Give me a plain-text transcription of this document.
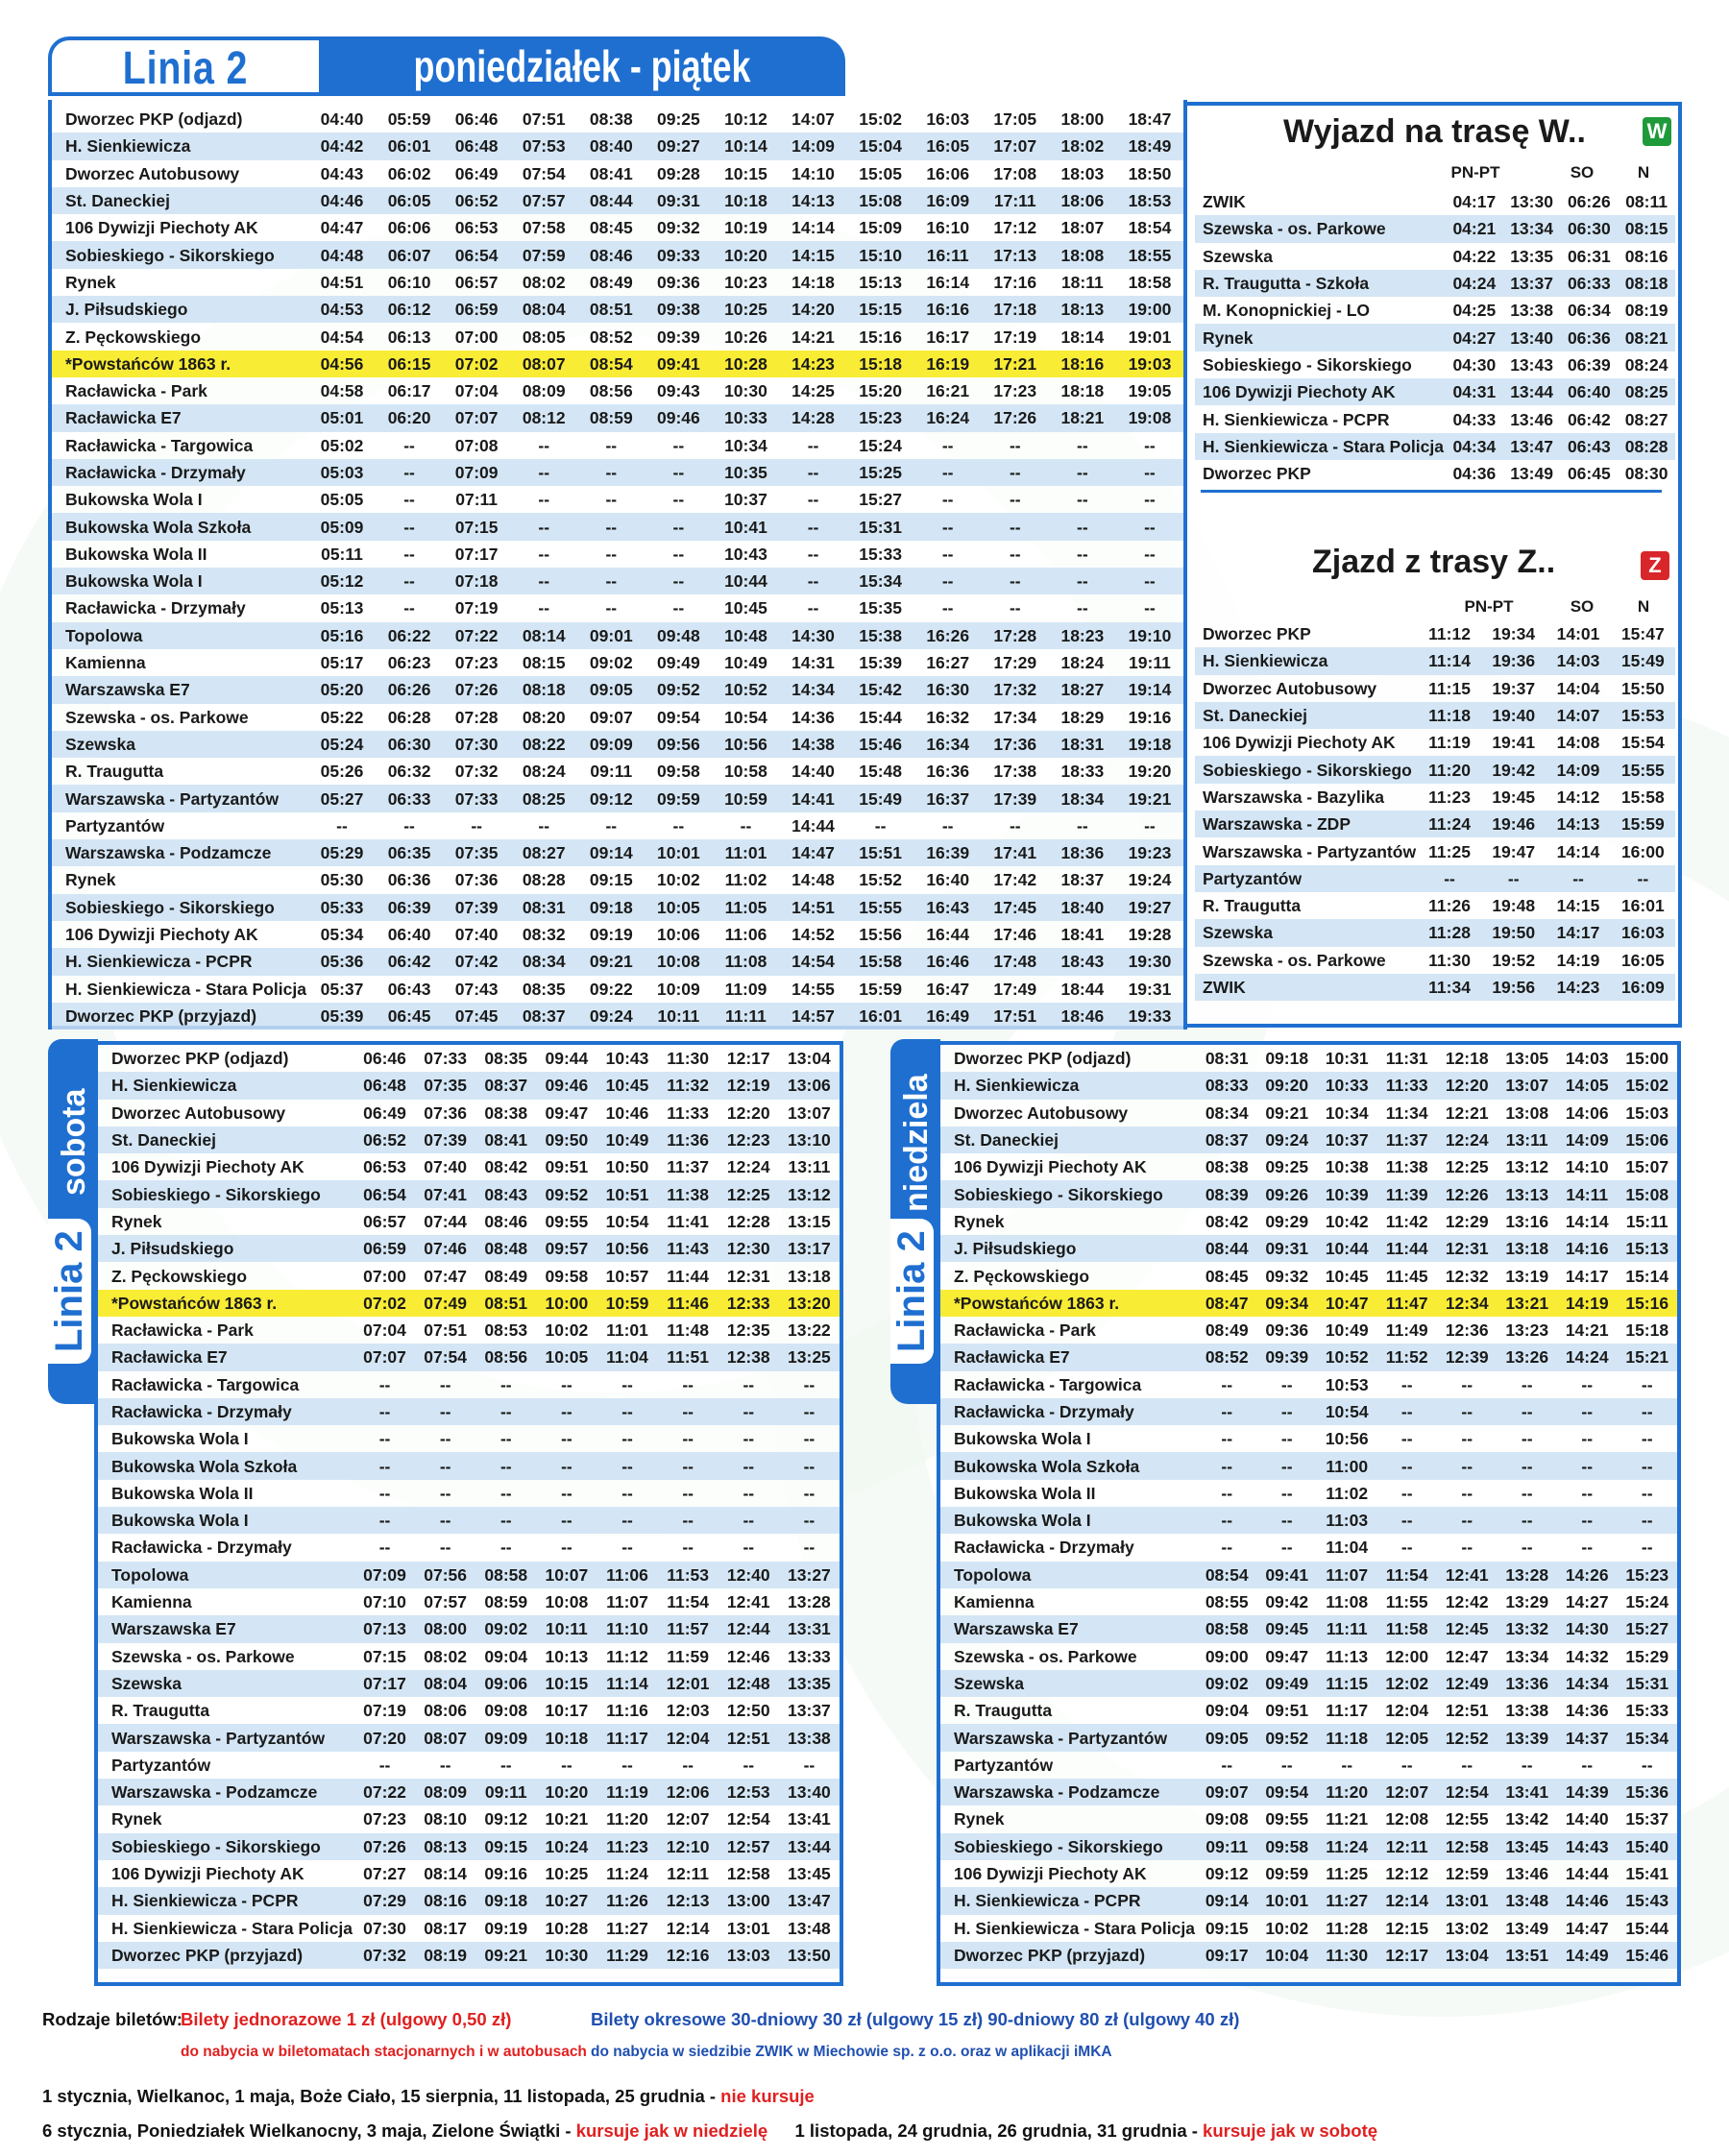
Linia 2	poniedziałek - piątek
Dworzec PKP (odjazd)	04:40	05:59	06:46	07:51	08:38	09:25	10:12	14:07	15:02	16:03	17:05	18:00	18:47
H. Sienkiewicza	04:42	06:01	06:48	07:53	08:40	09:27	10:14	14:09	15:04	16:05	17:07	18:02	18:49
Dworzec Autobusowy	04:43	06:02	06:49	07:54	08:41	09:28	10:15	14:10	15:05	16:06	17:08	18:03	18:50
St. Daneckiej	04:46	06:05	06:52	07:57	08:44	09:31	10:18	14:13	15:08	16:09	17:11	18:06	18:53
106 Dywizji Piechoty AK	04:47	06:06	06:53	07:58	08:45	09:32	10:19	14:14	15:09	16:10	17:12	18:07	18:54
Sobieskiego - Sikorskiego	04:48	06:07	06:54	07:59	08:46	09:33	10:20	14:15	15:10	16:11	17:13	18:08	18:55
Rynek	04:51	06:10	06:57	08:02	08:49	09:36	10:23	14:18	15:13	16:14	17:16	18:11	18:58
J. Piłsudskiego	04:53	06:12	06:59	08:04	08:51	09:38	10:25	14:20	15:15	16:16	17:18	18:13	19:00
Z. Pęckowskiego	04:54	06:13	07:00	08:05	08:52	09:39	10:26	14:21	15:16	16:17	17:19	18:14	19:01
*Powstańców 1863 r.	04:56	06:15	07:02	08:07	08:54	09:41	10:28	14:23	15:18	16:19	17:21	18:16	19:03
Racławicka - Park	04:58	06:17	07:04	08:09	08:56	09:43	10:30	14:25	15:20	16:21	17:23	18:18	19:05
Racławicka E7	05:01	06:20	07:07	08:12	08:59	09:46	10:33	14:28	15:23	16:24	17:26	18:21	19:08
Racławicka - Targowica	05:02	--	07:08	--	--	--	10:34	--	15:24	--	--	--	--
Racławicka - Drzymały	05:03	--	07:09	--	--	--	10:35	--	15:25	--	--	--	--
Bukowska Wola I	05:05	--	07:11	--	--	--	10:37	--	15:27	--	--	--	--
Bukowska Wola Szkoła	05:09	--	07:15	--	--	--	10:41	--	15:31	--	--	--	--
Bukowska Wola II	05:11	--	07:17	--	--	--	10:43	--	15:33	--	--	--	--
Bukowska Wola I	05:12	--	07:18	--	--	--	10:44	--	15:34	--	--	--	--
Racławicka - Drzymały	05:13	--	07:19	--	--	--	10:45	--	15:35	--	--	--	--
Topolowa	05:16	06:22	07:22	08:14	09:01	09:48	10:48	14:30	15:38	16:26	17:28	18:23	19:10
Kamienna	05:17	06:23	07:23	08:15	09:02	09:49	10:49	14:31	15:39	16:27	17:29	18:24	19:11
Warszawska E7	05:20	06:26	07:26	08:18	09:05	09:52	10:52	14:34	15:42	16:30	17:32	18:27	19:14
Szewska - os. Parkowe	05:22	06:28	07:28	08:20	09:07	09:54	10:54	14:36	15:44	16:32	17:34	18:29	19:16
Szewska	05:24	06:30	07:30	08:22	09:09	09:56	10:56	14:38	15:46	16:34	17:36	18:31	19:18
R. Traugutta	05:26	06:32	07:32	08:24	09:11	09:58	10:58	14:40	15:48	16:36	17:38	18:33	19:20
Warszawska - Partyzantów	05:27	06:33	07:33	08:25	09:12	09:59	10:59	14:41	15:49	16:37	17:39	18:34	19:21
Partyzantów	--	--	--	--	--	--	--	14:44	--	--	--	--	--
Warszawska - Podzamcze	05:29	06:35	07:35	08:27	09:14	10:01	11:01	14:47	15:51	16:39	17:41	18:36	19:23
Rynek	05:30	06:36	07:36	08:28	09:15	10:02	11:02	14:48	15:52	16:40	17:42	18:37	19:24
Sobieskiego - Sikorskiego	05:33	06:39	07:39	08:31	09:18	10:05	11:05	14:51	15:55	16:43	17:45	18:40	19:27
106 Dywizji Piechoty AK	05:34	06:40	07:40	08:32	09:19	10:06	11:06	14:52	15:56	16:44	17:46	18:41	19:28
H. Sienkiewicza - PCPR	05:36	06:42	07:42	08:34	09:21	10:08	11:08	14:54	15:58	16:46	17:48	18:43	19:30
H. Sienkiewicza - Stara Policja	05:37	06:43	07:43	08:35	09:22	10:09	11:09	14:55	15:59	16:47	17:49	18:44	19:31
Dworzec PKP (przyjazd)	05:39	06:45	07:45	08:37	09:24	10:11	11:11	14:57	16:01	16:49	17:51	18:46	19:33
Wyjazd na trasę W..	W
PN-PT	SO	N
ZWIK	04:17	13:30	06:26	08:11
Szewska - os. Parkowe	04:21	13:34	06:30	08:15
Szewska	04:22	13:35	06:31	08:16
R. Traugutta - Szkoła	04:24	13:37	06:33	08:18
M. Konopnickiej - LO	04:25	13:38	06:34	08:19
Rynek	04:27	13:40	06:36	08:21
Sobieskiego - Sikorskiego	04:30	13:43	06:39	08:24
106 Dywizji Piechoty AK	04:31	13:44	06:40	08:25
H. Sienkiewicza - PCPR	04:33	13:46	06:42	08:27
H. Sienkiewicza - Stara Policja	04:34	13:47	06:43	08:28
Dworzec PKP	04:36	13:49	06:45	08:30
Zjazd z trasy Z..	Z
PN-PT	SO	N
Dworzec PKP	11:12	19:34	14:01	15:47
H. Sienkiewicza	11:14	19:36	14:03	15:49
Dworzec Autobusowy	11:15	19:37	14:04	15:50
St. Daneckiej	11:18	19:40	14:07	15:53
106 Dywizji Piechoty AK	11:19	19:41	14:08	15:54
Sobieskiego - Sikorskiego	11:20	19:42	14:09	15:55
Warszawska - Bazylika	11:23	19:45	14:12	15:58
Warszawska - ZDP	11:24	19:46	14:13	15:59
Warszawska - Partyzantów	11:25	19:47	14:14	16:00
Partyzantów	--	--	--	--
R. Traugutta	11:26	19:48	14:15	16:01
Szewska	11:28	19:50	14:17	16:03
Szewska - os. Parkowe	11:30	19:52	14:19	16:05
ZWIK	11:34	19:56	14:23	16:09
sobota
Linia 2
Dworzec PKP (odjazd)	06:46	07:33	08:35	09:44	10:43	11:30	12:17	13:04
H. Sienkiewicza	06:48	07:35	08:37	09:46	10:45	11:32	12:19	13:06
Dworzec Autobusowy	06:49	07:36	08:38	09:47	10:46	11:33	12:20	13:07
St. Daneckiej	06:52	07:39	08:41	09:50	10:49	11:36	12:23	13:10
106 Dywizji Piechoty AK	06:53	07:40	08:42	09:51	10:50	11:37	12:24	13:11
Sobieskiego - Sikorskiego	06:54	07:41	08:43	09:52	10:51	11:38	12:25	13:12
Rynek	06:57	07:44	08:46	09:55	10:54	11:41	12:28	13:15
J. Piłsudskiego	06:59	07:46	08:48	09:57	10:56	11:43	12:30	13:17
Z. Pęckowskiego	07:00	07:47	08:49	09:58	10:57	11:44	12:31	13:18
*Powstańców 1863 r.	07:02	07:49	08:51	10:00	10:59	11:46	12:33	13:20
Racławicka - Park	07:04	07:51	08:53	10:02	11:01	11:48	12:35	13:22
Racławicka E7	07:07	07:54	08:56	10:05	11:04	11:51	12:38	13:25
Racławicka - Targowica	--	--	--	--	--	--	--	--
Racławicka - Drzymały	--	--	--	--	--	--	--	--
Bukowska Wola I	--	--	--	--	--	--	--	--
Bukowska Wola Szkoła	--	--	--	--	--	--	--	--
Bukowska Wola II	--	--	--	--	--	--	--	--
Bukowska Wola I	--	--	--	--	--	--	--	--
Racławicka - Drzymały	--	--	--	--	--	--	--	--
Topolowa	07:09	07:56	08:58	10:07	11:06	11:53	12:40	13:27
Kamienna	07:10	07:57	08:59	10:08	11:07	11:54	12:41	13:28
Warszawska E7	07:13	08:00	09:02	10:11	11:10	11:57	12:44	13:31
Szewska - os. Parkowe	07:15	08:02	09:04	10:13	11:12	11:59	12:46	13:33
Szewska	07:17	08:04	09:06	10:15	11:14	12:01	12:48	13:35
R. Traugutta	07:19	08:06	09:08	10:17	11:16	12:03	12:50	13:37
Warszawska - Partyzantów	07:20	08:07	09:09	10:18	11:17	12:04	12:51	13:38
Partyzantów	--	--	--	--	--	--	--	--
Warszawska - Podzamcze	07:22	08:09	09:11	10:20	11:19	12:06	12:53	13:40
Rynek	07:23	08:10	09:12	10:21	11:20	12:07	12:54	13:41
Sobieskiego - Sikorskiego	07:26	08:13	09:15	10:24	11:23	12:10	12:57	13:44
106 Dywizji Piechoty AK	07:27	08:14	09:16	10:25	11:24	12:11	12:58	13:45
H. Sienkiewicza - PCPR	07:29	08:16	09:18	10:27	11:26	12:13	13:00	13:47
H. Sienkiewicza - Stara Policja	07:30	08:17	09:19	10:28	11:27	12:14	13:01	13:48
Dworzec PKP (przyjazd)	07:32	08:19	09:21	10:30	11:29	12:16	13:03	13:50
niedziela
Linia 2
Dworzec PKP (odjazd)	08:31	09:18	10:31	11:31	12:18	13:05	14:03	15:00
H. Sienkiewicza	08:33	09:20	10:33	11:33	12:20	13:07	14:05	15:02
Dworzec Autobusowy	08:34	09:21	10:34	11:34	12:21	13:08	14:06	15:03
St. Daneckiej	08:37	09:24	10:37	11:37	12:24	13:11	14:09	15:06
106 Dywizji Piechoty AK	08:38	09:25	10:38	11:38	12:25	13:12	14:10	15:07
Sobieskiego - Sikorskiego	08:39	09:26	10:39	11:39	12:26	13:13	14:11	15:08
Rynek	08:42	09:29	10:42	11:42	12:29	13:16	14:14	15:11
J. Piłsudskiego	08:44	09:31	10:44	11:44	12:31	13:18	14:16	15:13
Z. Pęckowskiego	08:45	09:32	10:45	11:45	12:32	13:19	14:17	15:14
*Powstańców 1863 r.	08:47	09:34	10:47	11:47	12:34	13:21	14:19	15:16
Racławicka - Park	08:49	09:36	10:49	11:49	12:36	13:23	14:21	15:18
Racławicka E7	08:52	09:39	10:52	11:52	12:39	13:26	14:24	15:21
Racławicka - Targowica	--	--	10:53	--	--	--	--	--
Racławicka - Drzymały	--	--	10:54	--	--	--	--	--
Bukowska Wola I	--	--	10:56	--	--	--	--	--
Bukowska Wola Szkoła	--	--	11:00	--	--	--	--	--
Bukowska Wola II	--	--	11:02	--	--	--	--	--
Bukowska Wola I	--	--	11:03	--	--	--	--	--
Racławicka - Drzymały	--	--	11:04	--	--	--	--	--
Topolowa	08:54	09:41	11:07	11:54	12:41	13:28	14:26	15:23
Kamienna	08:55	09:42	11:08	11:55	12:42	13:29	14:27	15:24
Warszawska E7	08:58	09:45	11:11	11:58	12:45	13:32	14:30	15:27
Szewska - os. Parkowe	09:00	09:47	11:13	12:00	12:47	13:34	14:32	15:29
Szewska	09:02	09:49	11:15	12:02	12:49	13:36	14:34	15:31
R. Traugutta	09:04	09:51	11:17	12:04	12:51	13:38	14:36	15:33
Warszawska - Partyzantów	09:05	09:52	11:18	12:05	12:52	13:39	14:37	15:34
Partyzantów	--	--	--	--	--	--	--	--
Warszawska - Podzamcze	09:07	09:54	11:20	12:07	12:54	13:41	14:39	15:36
Rynek	09:08	09:55	11:21	12:08	12:55	13:42	14:40	15:37
Sobieskiego - Sikorskiego	09:11	09:58	11:24	12:11	12:58	13:45	14:43	15:40
106 Dywizji Piechoty AK	09:12	09:59	11:25	12:12	12:59	13:46	14:44	15:41
H. Sienkiewicza - PCPR	09:14	10:01	11:27	12:14	13:01	13:48	14:46	15:43
H. Sienkiewicza - Stara Policja	09:15	10:02	11:28	12:15	13:02	13:49	14:47	15:44
Dworzec PKP (przyjazd)	09:17	10:04	11:30	12:17	13:04	13:51	14:49	15:46
Rodzaje biletów:
Bilety jednorazowe 1 zł (ulgowy 0,50 zł)
do nabycia w biletomatach stacjonarnych i w autobusach
Bilety okresowe 30-dniowy 30 zł (ulgowy 15 zł) 90-dniowy 80 zł (ulgowy 40 zł)
do nabycia w siedzibie ZWIK w Miechowie sp. z o.o. oraz w aplikacji iMKA
1 stycznia, Wielkanoc, 1 maja, Boże Ciało, 15 sierpnia, 11 listopada, 25 grudnia - nie kursuje
6 stycznia, Poniedziałek Wielkanocny, 3 maja, Zielone Świątki - kursuje jak w niedzielę 1 listopada, 24 grudnia, 26 grudnia, 31 grudnia - kursuje jak w sobotę
